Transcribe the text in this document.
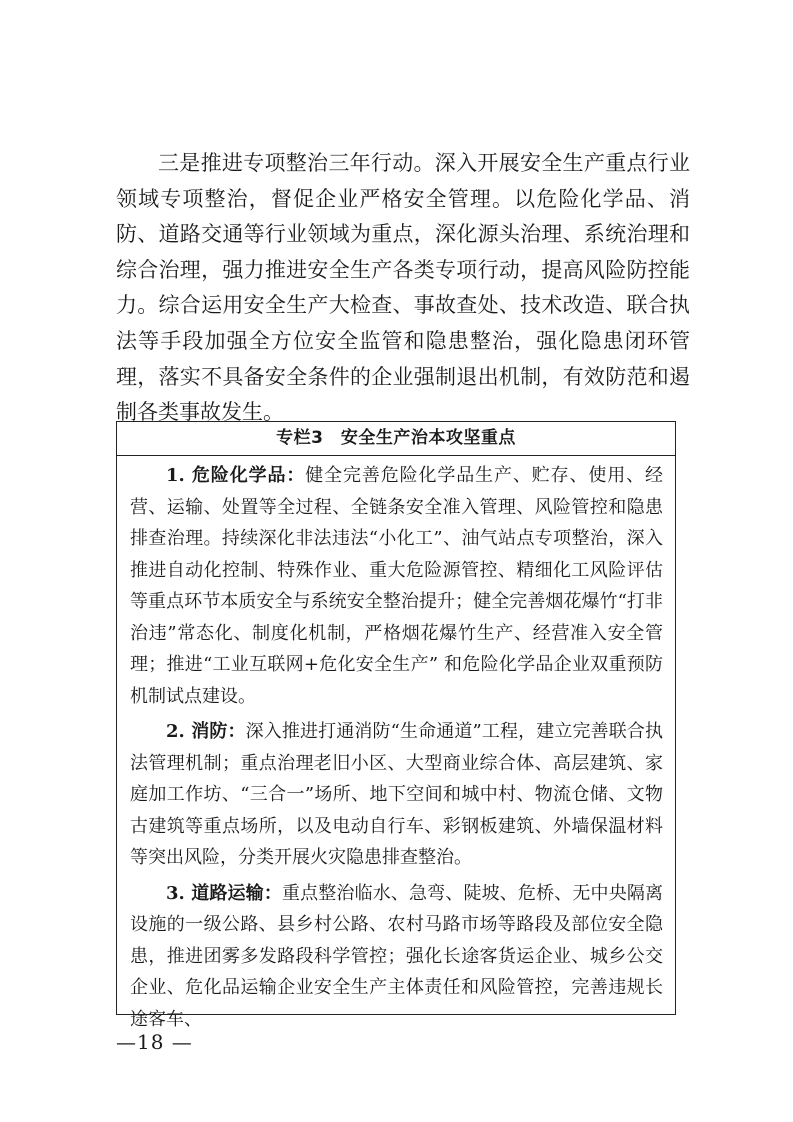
三是推进专项整治三年行动。深入开展安全生产重点行业领域专项整治，督促企业严格安全管理。以危险化学品、消防、道路交通等行业领域为重点，深化源头治理、系统治理和综合治理，强力推进安全生产各类专项行动，提高风险防控能力。综合运用安全生产大检查、事故查处、技术改造、联合执法等手段加强全方位安全监管和隐患整治，强化隐患闭环管理，落实不具备安全条件的企业强制退出机制，有效防范和遏制各类事故发生。

专栏3　安全生产治本攻坚重点

1. 危险化学品：健全完善危险化学品生产、贮存、使用、经营、运输、处置等全过程、全链条安全准入管理、风险管控和隐患排查治理。持续深化非法违法“小化工”、油气站点专项整治，深入推进自动化控制、特殊作业、重大危险源管控、精细化工风险评估等重点环节本质安全与系统安全整治提升；健全完善烟花爆竹“打非治违”常态化、制度化机制，严格烟花爆竹生产、经营准入安全管理；推进“工业互联网+危化安全生产” 和危险化学品企业双重预防机制试点建设。

2. 消防：深入推进打通消防“生命通道”工程，建立完善联合执法管理机制；重点治理老旧小区、大型商业综合体、高层建筑、家庭加工作坊、“三合一”场所、地下空间和城中村、物流仓储、文物古建筑等重点场所，以及电动自行车、彩钢板建筑、外墙保温材料等突出风险，分类开展火灾隐患排查整治。

3. 道路运输：重点整治临水、急弯、陡坡、危桥、无中央隔离设施的一级公路、县乡村公路、农村马路市场等路段及部位安全隐患，推进团雾多发路段科学管控；强化长途客货运企业、城乡公交企业、危化品运输企业安全生产主体责任和风险管控，完善违规长途客车、

—18 —
